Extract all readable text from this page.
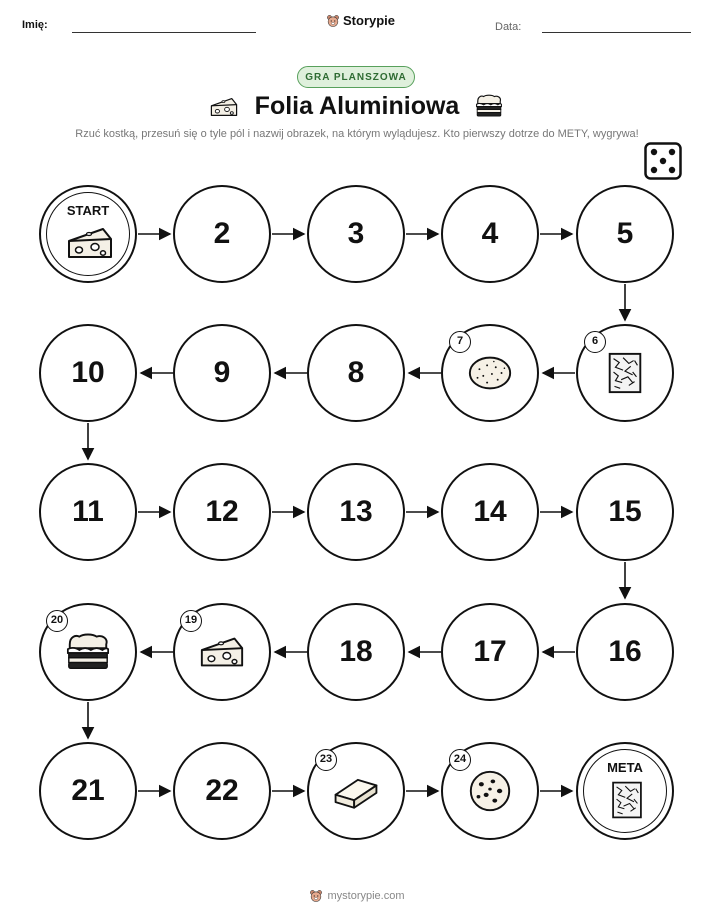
Imię:	Storypie	Data:
GRA PLANSZOWA
Folia Aluminiowa
Rzuć kostką, przesuń się o tyle pól i nazwij obrazek, na którym wylądujesz. Kto pierwszy dotrze do METY, wygrywa!
START
2	3	4	5
10	9	8
7	6
11	12	13	14	15
20	19
18	17	16
21	22
23	24
META
mystorypie.com
